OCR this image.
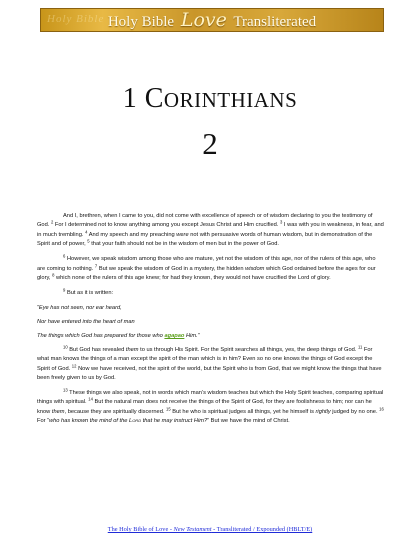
Holy Bible Holy Bible Love Transliterated
1 CORINTHIANS
2

And I, brethren, when I came to you, did not come with excellence of speech or of wisdom declaring to you the testimony of God. $^2$ For I determined not to know anything among you except Jesus Christ and Him crucified. $^3$ I was with you in weakness, in fear, and in much trembling. $^4$ And my speech and my preaching were not with persuasive words of human wisdom, but in demonstration of the Spirit and of power, $^5$ that your faith should not be in the wisdom of men but in the power of God.

$^6$ However, we speak wisdom among those who are mature, yet not the wisdom of this age, nor of the rulers of this age, who are coming to nothing. $^7$ But we speak the wisdom of God in a mystery, the hidden wisdom which God ordained before the ages for our glory, $^8$ which none of the rulers of this age knew; for had they known, they would not have crucified the Lord of glory.

$^9$ But as it is written:

“Eye has not seen, nor ear heard,

Nor have entered into the heart of man

The things which God has prepared for those who agapao Him.”

$^{10}$ But God has revealed them to us through His Spirit. For the Spirit searches all things, yes, the deep things of God. $^{11}$ For what man knows the things of a man except the spirit of the man which is in him? Even so no one knows the things of God except the Spirit of God. $^{12}$ Now we have received, not the spirit of the world, but the Spirit who is from God, that we might know the things that have been freely given to us by God.

$^{13}$ These things we also speak, not in words which man’s wisdom teaches but which the Holy Spirit teaches, comparing spiritual things with spiritual. $^{14}$ But the natural man does not receive the things of the Spirit of God, for they are foolishness to him; nor can he know them, because they are spiritually discerned. $^{15}$ But he who is spiritual judges all things, yet he himself is rightly judged by no one. $^{16}$ For “who has known the mind of the Lord that he may instruct Him?” But we have the mind of Christ.

The Holy Bible of Love - New Testament - Transliterated / Expounded (HBLT/E)
